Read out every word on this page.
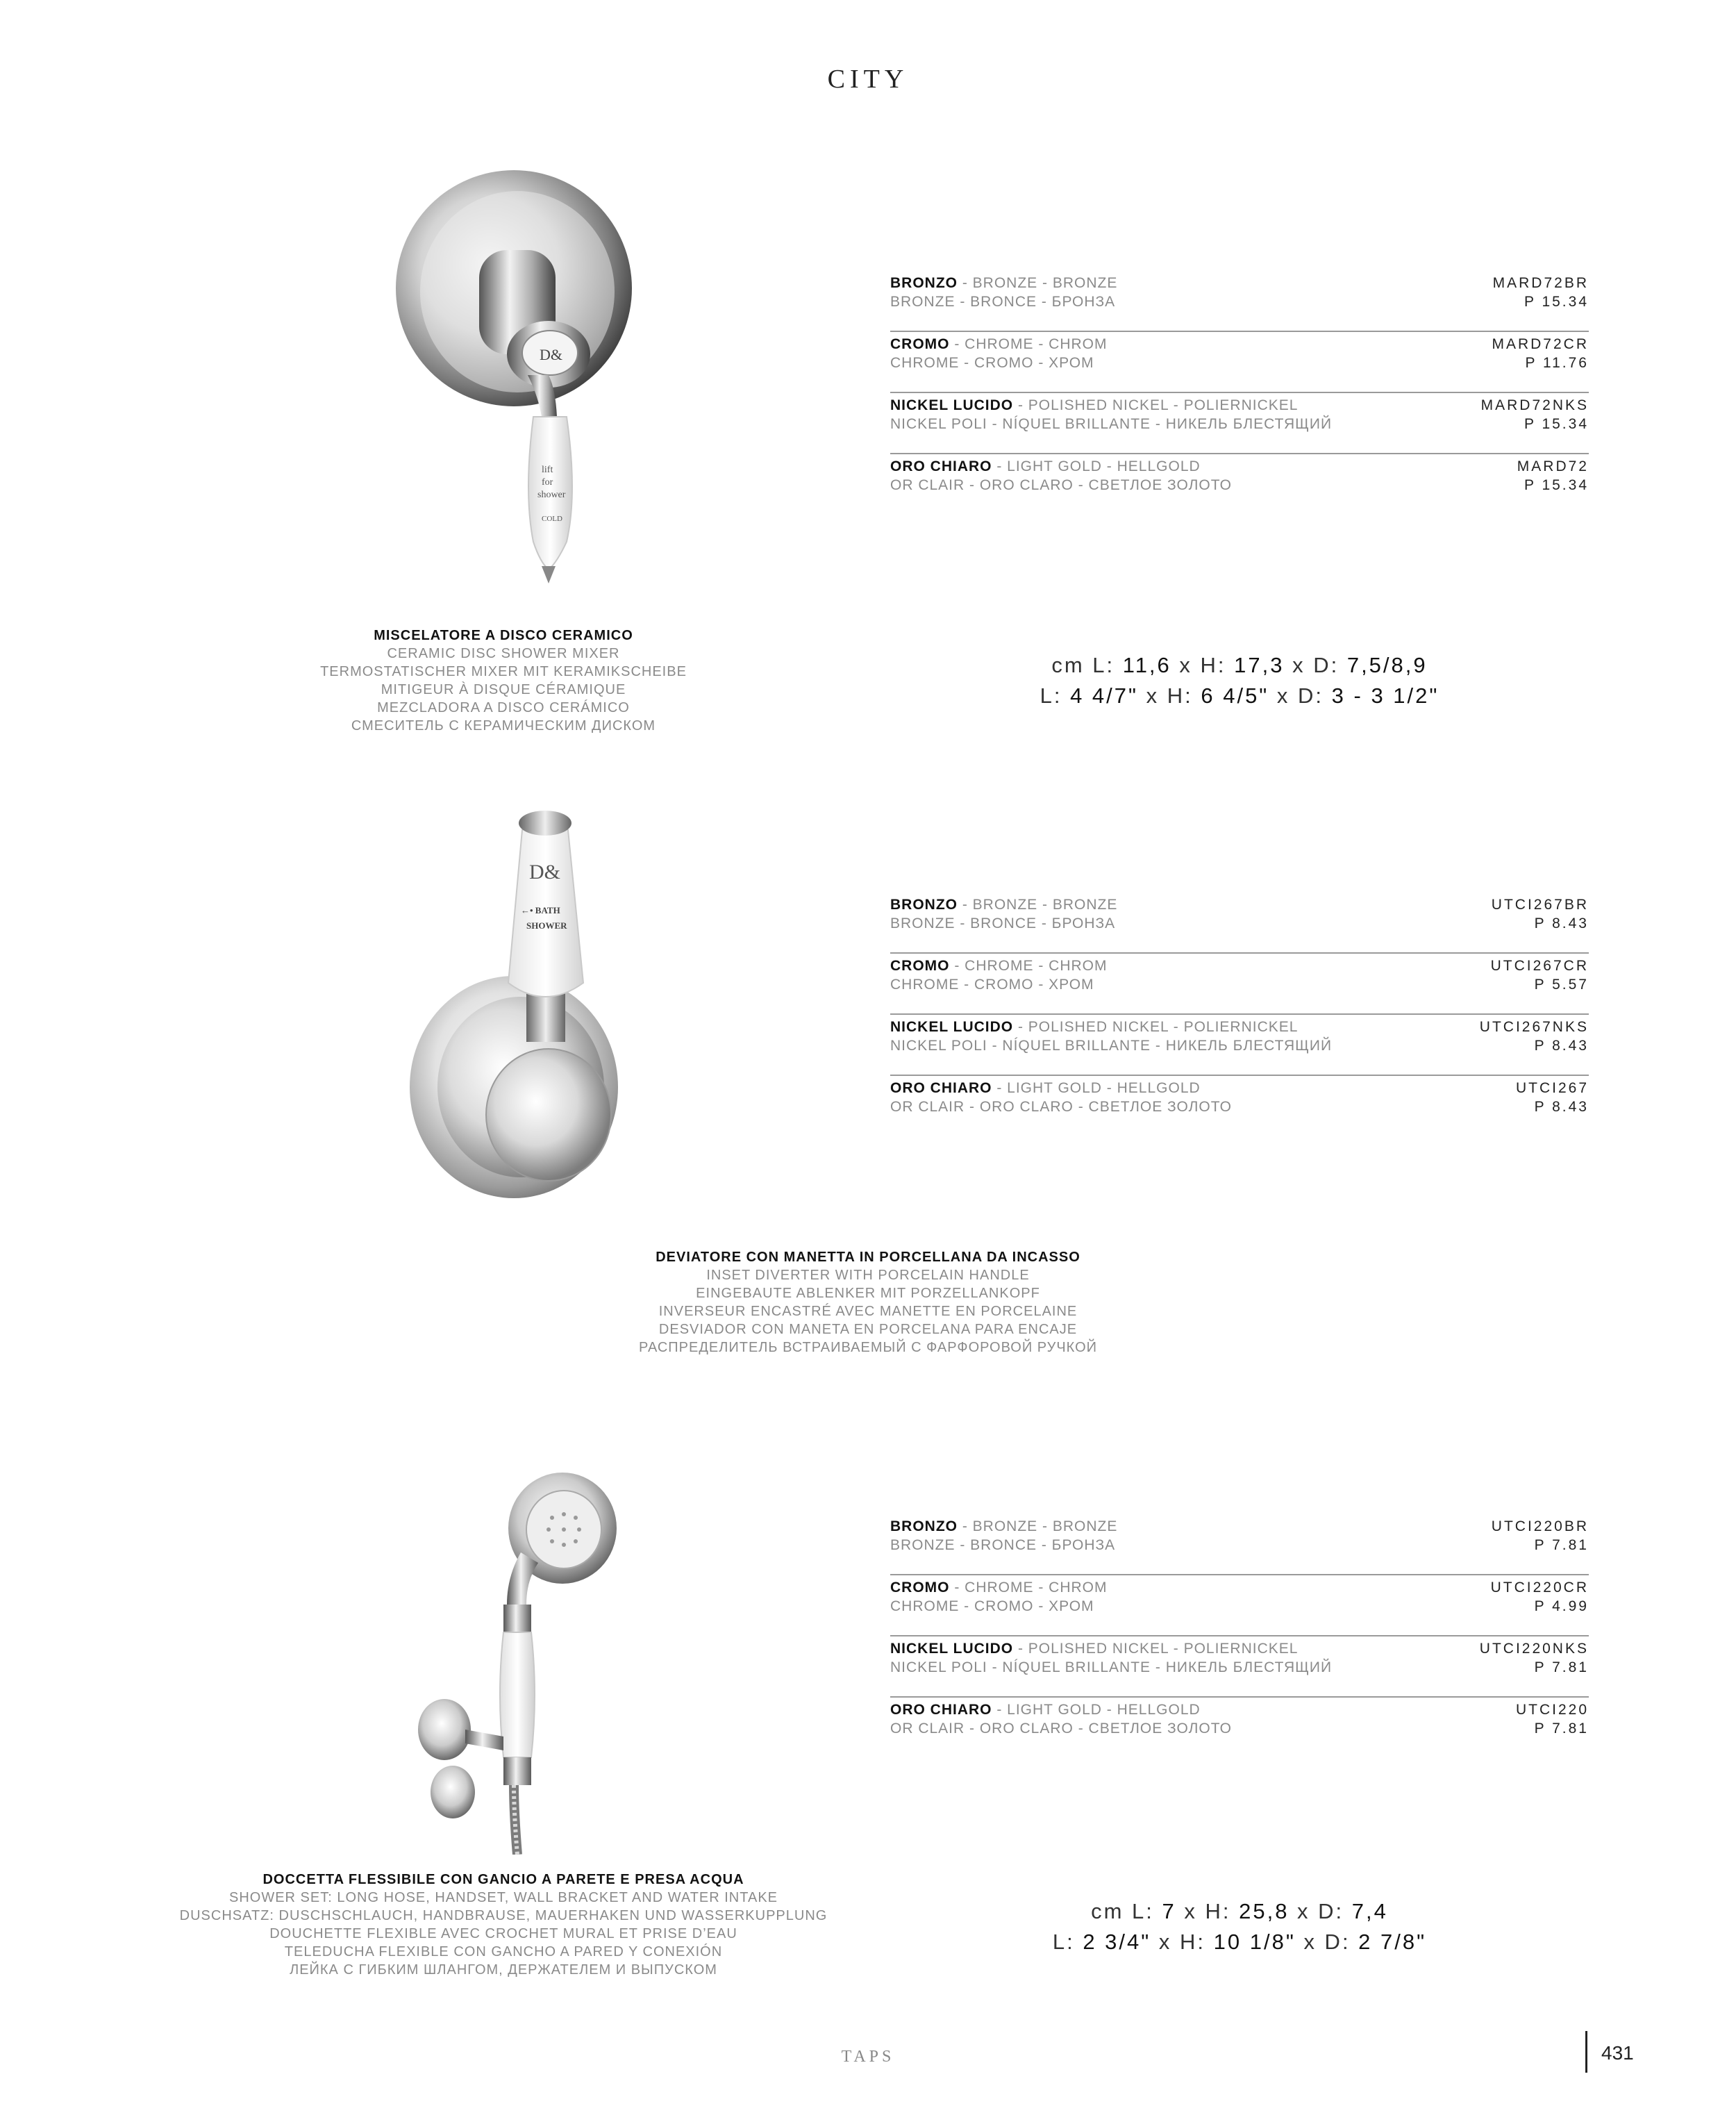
CITY
D&
lift
for
shower
COLD
BRONZO - BRONZE - BRONZE
BRONZE - BRONCE - БРОНЗА
MARD72BR
P 15.34
CROMO - CHROME - CHROM
CHROME - CROMO - ХРОМ
MARD72CR
P 11.76
NICKEL LUCIDO - POLISHED NICKEL - POLIERNICKEL
NICKEL POLI - NÍQUEL BRILLANTE - НИКЕЛЬ БЛЕСТЯЩИЙ
MARD72NKS
P 15.34
ORO CHIARO - LIGHT GOLD - HELLGOLD
OR CLAIR - ORO CLARO - СВЕТЛОЕ ЗОЛОТО
MARD72
P 15.34
MISCELATORE A DISCO CERAMICO
CERAMIC DISC SHOWER MIXER
TERMOSTATISCHER MIXER MIT KERAMIKSCHEIBE
MITIGEUR À DISQUE CÉRAMIQUE
MEZCLADORA A DISCO CERÁMICO
СМЕСИТЕЛЬ С КЕРАМИЧЕСКИМ ДИСКОМ
cm L: 11,6 x H: 17,3 x D: 7,5/8,9
L: 4 4/7" x H: 6 4/5" x D: 3 - 3 1/2"
D&
←• BATH
SHOWER
BRONZO - BRONZE - BRONZE
BRONZE - BRONCE - БРОНЗА
UTCI267BR
P 8.43
CROMO - CHROME - CHROM
CHROME - CROMO - ХРОМ
UTCI267CR
P 5.57
NICKEL LUCIDO - POLISHED NICKEL - POLIERNICKEL
NICKEL POLI - NÍQUEL BRILLANTE - НИКЕЛЬ БЛЕСТЯЩИЙ
UTCI267NKS
P 8.43
ORO CHIARO - LIGHT GOLD - HELLGOLD
OR CLAIR - ORO CLARO - СВЕТЛОЕ ЗОЛОТО
UTCI267
P 8.43
DEVIATORE CON MANETTA IN PORCELLANA DA INCASSO
INSET DIVERTER WITH PORCELAIN HANDLE
EINGEBAUTE ABLENKER MIT PORZELLANKOPF
INVERSEUR ENCASTRÉ AVEC MANETTE EN PORCELAINE
DESVIADOR CON MANETA EN PORCELANA PARA ENCAJE
РАСПРЕДЕЛИТЕЛЬ ВСТРАИВАЕМЫЙ С ФАРФОРОВОЙ РУЧКОЙ
BRONZO - BRONZE - BRONZE
BRONZE - BRONCE - БРОНЗА
UTCI220BR
P 7.81
CROMO - CHROME - CHROM
CHROME - CROMO - ХРОМ
UTCI220CR
P 4.99
NICKEL LUCIDO - POLISHED NICKEL - POLIERNICKEL
NICKEL POLI - NÍQUEL BRILLANTE - НИКЕЛЬ БЛЕСТЯЩИЙ
UTCI220NKS
P 7.81
ORO CHIARO - LIGHT GOLD - HELLGOLD
OR CLAIR - ORO CLARO - СВЕТЛОЕ ЗОЛОТО
UTCI220
P 7.81
DOCCETTA FLESSIBILE CON GANCIO A PARETE E PRESA ACQUA
SHOWER SET: LONG HOSE, HANDSET, WALL BRACKET AND WATER INTAKE
DUSCHSATZ: DUSCHSCHLAUCH, HANDBRAUSE, MAUERHAKEN UND WASSERKUPPLUNG
DOUCHETTE FLEXIBLE AVEC CROCHET MURAL ET PRISE D’EAU
TELEDUCHA FLEXIBLE CON GANCHO A PARED Y CONEXIÓN
ЛЕЙКА С ГИБКИМ ШЛАНГОМ, ДЕРЖАТЕЛЕМ И ВЫПУСКОМ
cm L: 7 x H: 25,8 x D: 7,4
L: 2 3/4" x H: 10 1/8" x D: 2 7/8"
TAPS	431
